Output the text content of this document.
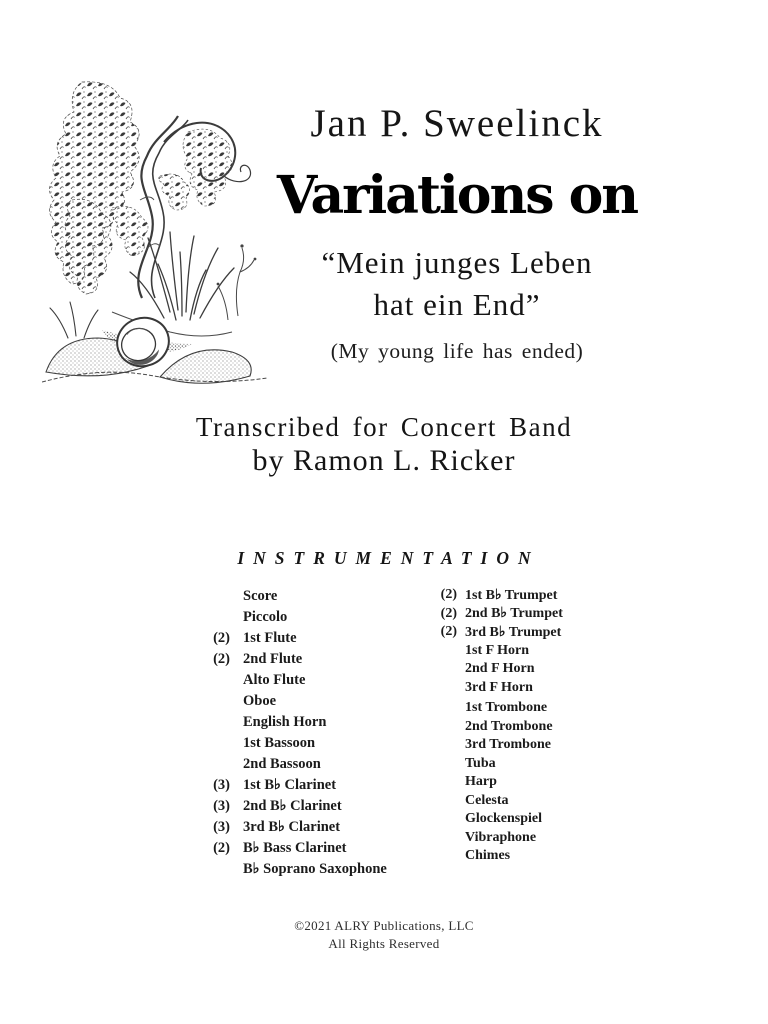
Jan P. Sweelinck
Variations on
“Mein junges Leben
hat ein End”
(My young life has ended)
Transcribed for Concert Band
by Ramon L. Ricker
INSTRUMENTATION
Score
Piccolo
(2) 1st Flute
(2) 2nd Flute
Alto Flute
Oboe
English Horn
1st Bassoon
2nd Bassoon
(3) 1st B♭ Clarinet
(3) 2nd B♭ Clarinet
(3) 3rd B♭ Clarinet
(2) B♭ Bass Clarinet
B♭ Soprano Saxophone
(2) 1st B♭ Trumpet
(2) 2nd B♭ Trumpet
(2) 3rd B♭ Trumpet
1st F Horn
2nd F Horn
3rd F Horn
1st Trombone
2nd Trombone
3rd Trombone
Tuba
Harp
Celesta
Glockenspiel
Vibraphone
Chimes
©2021 ALRY Publications, LLC
All Rights Reserved
